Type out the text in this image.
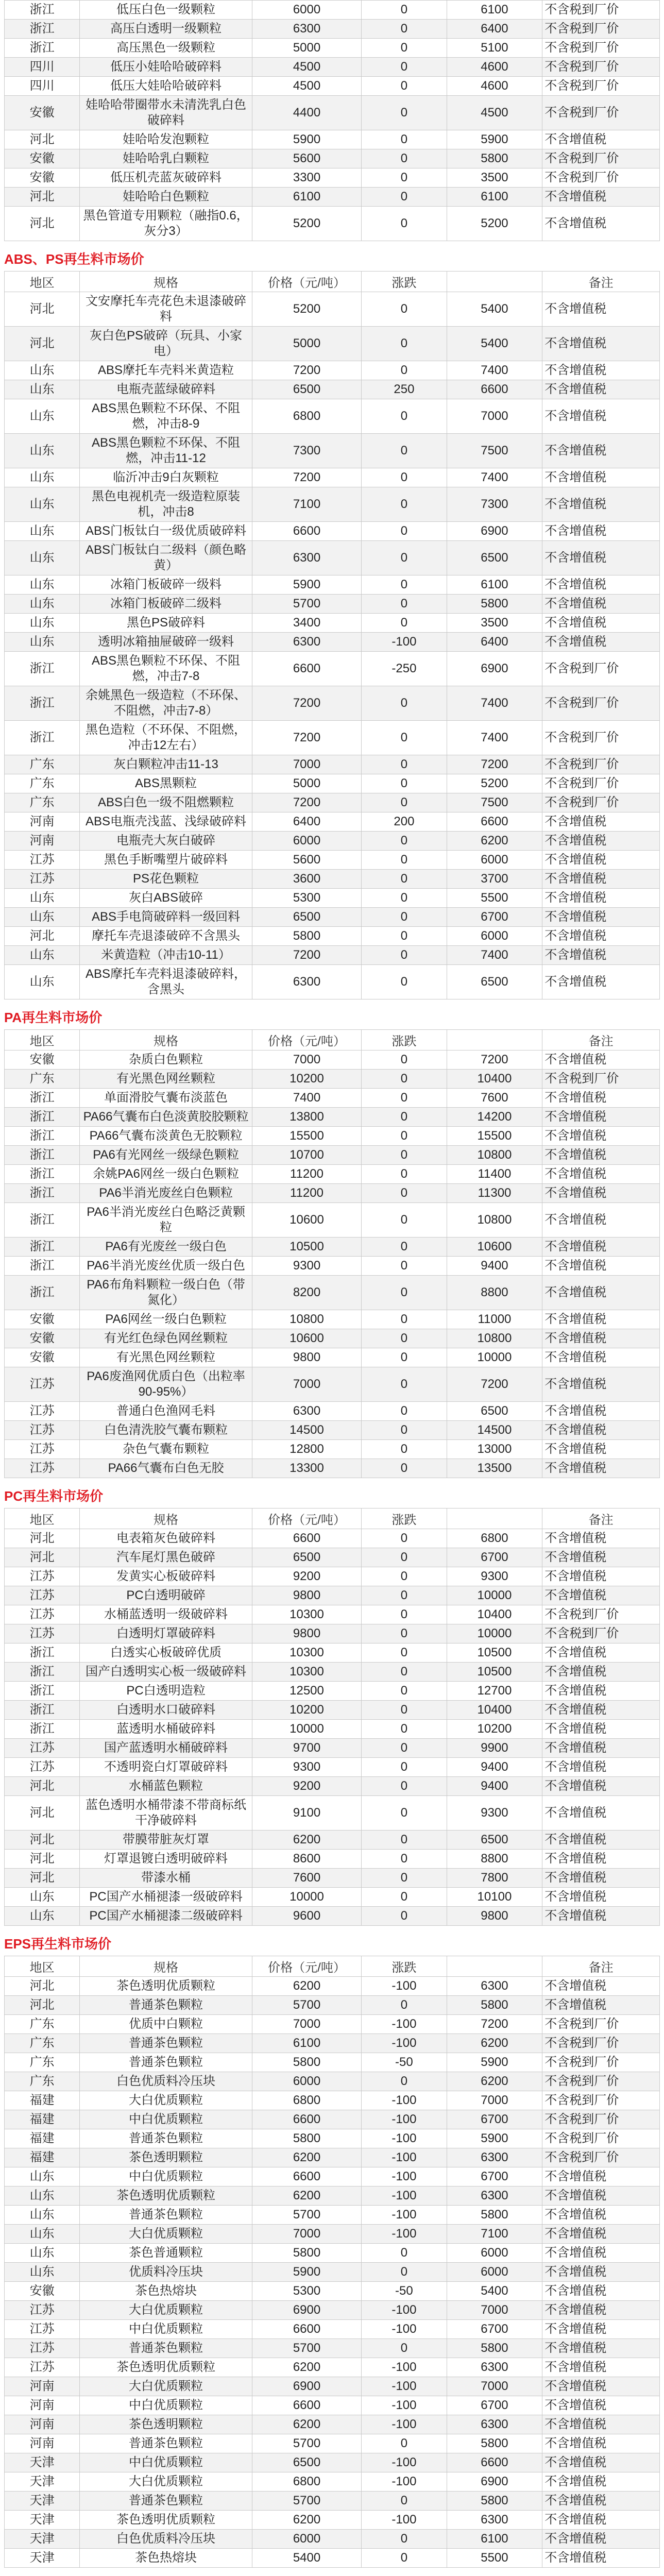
浙江	低压白色一级颗粒	6000	0	6100	不含税到厂价
浙江	高压白透明一级颗粒	6300	0	6400	不含税到厂价
浙江	高压黑色一级颗粒	5000	0	5100	不含税到厂价
四川	低压小娃哈哈破碎料	4500	0	4600	不含税到厂价
四川	低压大娃哈哈破碎料	4500	0	4600	不含税到厂价
安徽	娃哈哈带圈带水未清洗乳白色破碎料	4400	0	4500	不含税到厂价
河北	娃哈哈发泡颗粒	5900	0	5900	不含增值税
安徽	娃哈哈乳白颗粒	5600	0	5800	不含税到厂价
安徽	低压机壳蓝灰破碎料	3300	0	3500	不含税到厂价
河北	娃哈哈白色颗粒	6100	0	6100	不含增值税
河北	黑色管道专用颗粒（融指0.6，灰分3）	5200	0	5200	不含增值税
ABS、PS再生料市场价
地区	规格	价格（元/吨）	涨跌		备注
河北	文安摩托车壳花色未退漆破碎料	5200	0	5400	不含增值税
河北	灰白色PS破碎（玩具、小家电）	5000	0	5400	不含增值税
山东	ABS摩托车壳料米黄造粒	7200	0	7400	不含增值税
山东	电瓶壳蓝绿破碎料	6500	250	6600	不含增值税
山东	ABS黑色颗粒不环保、不阻燃，冲击8-9	6800	0	7000	不含增值税
山东	ABS黑色颗粒不环保、不阻燃，冲击11-12	7300	0	7500	不含增值税
山东	临沂冲击9白灰颗粒	7200	0	7400	不含增值税
山东	黑色电视机壳一级造粒原装机，冲击8	7100	0	7300	不含增值税
山东	ABS门板钛白一级优质破碎料	6600	0	6900	不含增值税
山东	ABS门板钛白二级料（颜色略黄）	6300	0	6500	不含增值税
山东	冰箱门板破碎一级料	5900	0	6100	不含增值税
山东	冰箱门板破碎二级料	5700	0	5800	不含增值税
山东	黑色PS破碎料	3400	0	3500	不含增值税
山东	透明冰箱抽屉破碎一级料	6300	-100	6400	不含增值税
浙江	ABS黑色颗粒不环保、不阻燃，冲击7-8	6600	-250	6900	不含税到厂价
浙江	余姚黑色一级造粒（不环保、不阻燃，冲击7-8）	7200	0	7400	不含税到厂价
浙江	黑色造粒（不环保、不阻燃，冲击12左右）	7200	0	7400	不含税到厂价
广东	灰白颗粒冲击11-13	7000	0	7200	不含税到厂价
广东	ABS黑颗粒	5000	0	5200	不含税到厂价
广东	ABS白色一级不阻燃颗粒	7200	0	7500	不含税到厂价
河南	ABS电瓶壳浅蓝、浅绿破碎料	6400	200	6600	不含增值税
河南	电瓶壳大灰白破碎	6000	0	6200	不含增值税
江苏	黑色手断嘴塑片破碎料	5600	0	6000	不含增值税
江苏	PS花色颗粒	3600	0	3700	不含增值税
山东	灰白ABS破碎	5300	0	5500	不含增值税
山东	ABS手电筒破碎料一级回料	6500	0	6700	不含增值税
河北	摩托车壳退漆破碎不含黑头	5800	0	6000	不含增值税
山东	米黄造粒（冲击10-11）	7200	0	7400	不含增值税
山东	ABS摩托车壳料退漆破碎料，含黑头	6300	0	6500	不含增值税
PA再生料市场价
地区	规格	价格（元/吨）	涨跌		备注
安徽	杂质白色颗粒	7000	0	7200	不含增值税
广东	有光黑色网丝颗粒	10200	0	10400	不含税到厂价
浙江	单面滑胶气囊布淡蓝色	7400	0	7600	不含增值税
浙江	PA66气囊布白色淡黄胶胶颗粒	13800	0	14200	不含增值税
浙江	PA66气囊布淡黄色无胶颗粒	15500	0	15500	不含增值税
浙江	PA6有光网丝一级绿色颗粒	10700	0	10800	不含增值税
浙江	余姚PA6网丝一级白色颗粒	11200	0	11400	不含增值税
浙江	PA6半消光废丝白色颗粒	11200	0	11300	不含增值税
浙江	PA6半消光废丝白色略泛黄颗粒	10600	0	10800	不含增值税
浙江	PA6有光废丝一级白色	10500	0	10600	不含增值税
浙江	PA6半消光废丝优质一级白色	9300	0	9400	不含增值税
浙江	PA6布角料颗粒一级白色（带氮化）	8200	0	8800	不含增值税
安徽	PA6网丝一级白色颗粒	10800	0	11000	不含增值税
安徽	有光红色绿色网丝颗粒	10600	0	10800	不含增值税
安徽	有光黑色网丝颗粒	9800	0	10000	不含增值税
江苏	PA6废渔网优质白色（出粒率90-95%）	7000	0	7200	不含增值税
江苏	普通白色渔网毛料	6300	0	6500	不含增值税
江苏	白色清洗胶气囊布颗粒	14500	0	14500	不含增值税
江苏	杂色气囊布颗粒	12800	0	13000	不含增值税
江苏	PA66气囊布白色无胶	13300	0	13500	不含增值税
PC再生料市场价
地区	规格	价格（元/吨）	涨跌		备注
河北	电表箱灰色破碎料	6600	0	6800	不含增值税
河北	汽车尾灯黑色破碎	6500	0	6700	不含增值税
江苏	发黄实心板破碎料	9200	0	9300	不含增值税
江苏	PC白透明破碎	9800	0	10000	不含增值税
江苏	水桶蓝透明一级破碎料	10300	0	10400	不含税到厂价
江苏	白透明灯罩破碎料	9800	0	10000	不含税到厂价
浙江	白透实心板破碎优质	10300	0	10500	不含增值税
浙江	国产白透明实心板一级破碎料	10300	0	10500	不含增值税
浙江	PC白透明造粒	12500	0	12700	不含增值税
浙江	白透明水口破碎料	10200	0	10400	不含增值税
浙江	蓝透明水桶破碎料	10000	0	10200	不含增值税
江苏	国产蓝透明水桶破碎料	9700	0	9900	不含增值税
江苏	不透明瓷白灯罩破碎料	9300	0	9400	不含增值税
河北	水桶蓝色颗粒	9200	0	9400	不含增值税
河北	蓝色透明水桶带漆不带商标纸干净破碎料	9100	0	9300	不含增值税
河北	带膜带脏灰灯罩	6200	0	6500	不含增值税
河北	灯罩退镀白透明破碎料	8600	0	8800	不含增值税
河北	带漆水桶	7600	0	7800	不含增值税
山东	PC国产水桶褪漆一级破碎料	10000	0	10100	不含增值税
山东	PC国产水桶褪漆二级破碎料	9600	0	9800	不含增值税
EPS再生料市场价
地区	规格	价格（元/吨）	涨跌		备注
河北	茶色透明优质颗粒	6200	-100	6300	不含增值税
河北	普通茶色颗粒	5700	0	5800	不含增值税
广东	优质中白颗粒	7000	-100	7200	不含税到厂价
广东	普通茶色颗粒	6100	-100	6200	不含税到厂价
广东	普通茶色颗粒	5800	-50	5900	不含税到厂价
广东	白色优质料冷压块	6000	0	6200	不含税到厂价
福建	大白优质颗粒	6800	-100	7000	不含税到厂价
福建	中白优质颗粒	6600	-100	6700	不含税到厂价
福建	普通茶色颗粒	5800	-100	5900	不含税到厂价
福建	茶色透明颗粒	6200	-100	6300	不含税到厂价
山东	中白优质颗粒	6600	-100	6700	不含增值税
山东	茶色透明优质颗粒	6200	-100	6300	不含增值税
山东	普通茶色颗粒	5700	-100	5800	不含增值税
山东	大白优质颗粒	7000	-100	7100	不含增值税
山东	茶色普通颗粒	5800	0	6000	不含增值税
山东	优质料冷压块	5900	0	6000	不含增值税
安徽	茶色热熔块	5300	-50	5400	不含增值税
江苏	大白优质颗粒	6900	-100	7000	不含增值税
江苏	中白优质颗粒	6600	-100	6700	不含增值税
江苏	普通茶色颗粒	5700	0	5800	不含增值税
江苏	茶色透明优质颗粒	6200	-100	6300	不含增值税
河南	大白优质颗粒	6900	-100	7000	不含增值税
河南	中白优质颗粒	6600	-100	6700	不含增值税
河南	茶色透明颗粒	6200	-100	6300	不含增值税
河南	普通茶色颗粒	5700	0	5800	不含增值税
天津	中白优质颗粒	6500	-100	6600	不含增值税
天津	大白优质颗粒	6800	-100	6900	不含增值税
天津	普通茶色颗粒	5700	0	5800	不含增值税
天津	茶色透明优质颗粒	6200	-100	6300	不含增值税
天津	白色优质料冷压块	6000	0	6100	不含增值税
天津	茶色热熔块	5400	0	5500	不含增值税
